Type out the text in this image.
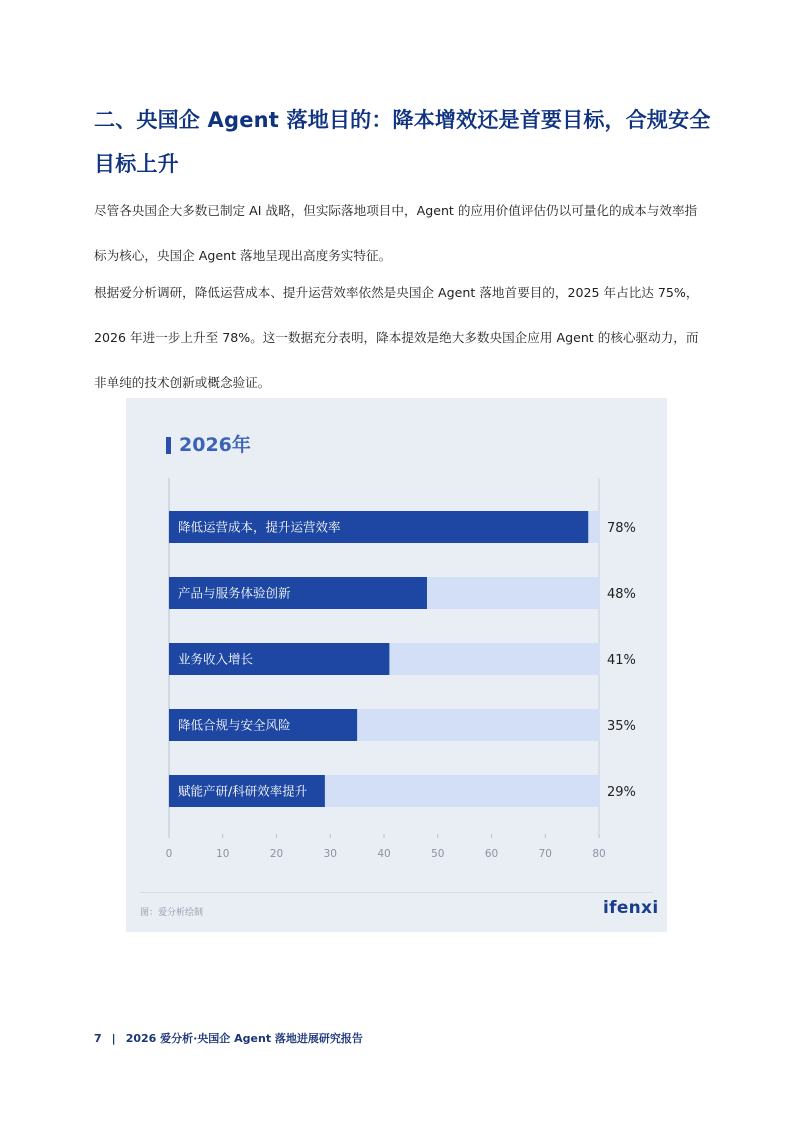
二、央国企 Agent 落地目的：降本增效还是首要目标，合规安全目标上升

尽管各央国企大多数已制定 AI 战略，但实际落地项目中，Agent 的应用价值评估仍以可量化的成本与效率指标为核心，央国企 Agent 落地呈现出高度务实特征。

根据爱分析调研，降低运营成本、提升运营效率依然是央国企 Agent 落地首要目的，2025 年占比达 75%，2026 年进一步上升至 78%。这一数据充分表明，降本提效是绝大多数央国企应用 Agent 的核心驱动力，而非单纯的技术创新或概念验证。

2026年
降低运营成本，提升运营效率	78%
产品与服务体验创新	48%
业务收入增长	41%
降低合规与安全风险	35%
赋能产研/科研效率提升	29%
0	10	20	30	40	50	60	70	80
图：爱分析绘制	ifenxi
7 | 2026 爱分析·央国企 Agent 落地进展研究报告
